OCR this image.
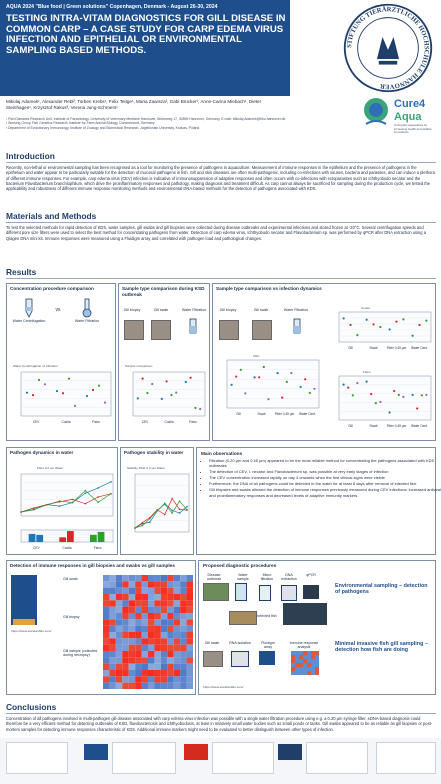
AQUA 2024 "Blue food | Green solutions" Copenhagen, Denmark - August 26-30, 2024
TESTING INTRA-VITAM DIAGNOSTICS FOR GILL DISEASE IN COMMON CARP – A CASE STUDY FOR CARP EDEMA VIRUS INFECTION AND EPITHELIAL OR ENVIRONMENTAL SAMPLING BASED METHODS.
Mikolaj Adamek¹, Alexander Rebl², Torben Krebs¹, Felix Teitge¹, Maria Zawisza³, Gabi Brücker¹, Anne-Carina Miebach¹, Dieter Steinhagen¹, Krzysztof Rakus³, Verena Jung-Schroers¹
¹ Fish Diseases Research Unit, Institute of Parasitology, University of Veterinary Medicine Hannover, Bünteweg 17, 30559 Hannover, Germany, E-mail: Mikolaj.Adamek@tiho-hannover.de
² Working Group Fish Genetics Research Institute for Farm Animal Biology, Dummerstorf, Germany
³ Department of Evolutionary Immunology, Institute of Zoology and Biomedical Research, Jagiellonian University, Krakow, Poland
STIFTUNG TIERÄRZTLICHE HOCHSCHULE HANNOVER
Cure4
Aqua
Curing EU aquaculture by increasing health and welfare innovations
Introduction
Recently, non-lethal or environmental sampling has been recognised as a tool for monitoring the presence of pathogens in aquaculture. Measurement of immune responses in the epithelium and the presence of pathogens in the epithelium and water appear to be particularly suitable for the detection of mucosal pathogens in fish. Gill and skin diseases are often multi-pathogenic, including co-infections with viruses, bacteria and parasites, and can induce a plethora of different immune responses. For example, carp edema virus (CEV) infection is indicative of immunosuppression of adaptive responses and often occurs with co-infections with ectoparasites such as Ichthyobodo necator and the bacterium Flavobacterium branchiophilum, which drive the proinflammatory responses and pathology, making diagnosis and treatment difficult. As carp cannot always be sacrificed for sampling during the production cycle, we tested the applicability and robustness of different immune response monitoring methods and environmental DNA-based methods for the detection of pathogens associated with KDS.
Materials and Methods
To test the selected methods for rapid detection of KDS, water samples, gill swabs and gill biopsies were collected during disease outbreaks and experimental infections and stored frozen at -20°C. Several centrifugation speeds and different pore size filters were used to select the best method for concentrating pathogens from water. Detection of carp edema virus, Ichthyobodo necator and Flavobacterium sp. was performed by qPCR after DNA extraction using a Qiagen DNA mini kit. Immune responses were measured using a Fluidigm array and correlated with pathogen load and pathological changes.
Results
Concentration procedure comparison
Water Centrifugation	Water Filtration
vs
Water Centrifugation vs Filtration
CEV	Costia	Flavo
Sample type comparison during KSD outbreak
Gill biopsy	Gill swab	Water Filtration
Sample comparison
CEV	Costia	Flavo
Sample type comparison vs infection dynamics
Gill biopsy	Gill swab	Water Filtration	Costia
Gill	Swab	Filter 0.45 µm Water Cent.
CEV
Gill	Swab	Filter 0.45 µm Water Cent.
Flavo
Gill	Swab	Filter 0.45 µm Water Cent.
Pathogen dynamics in water
Filter 0.2 µm Water
CEV	Costia	Flavo
Pathogen stability in water
Stability Filter 0.2 µm Water
Main observations
• Filtration (0.20 µm and 0.45 µm) appeared to be the most reliable method for concentrating the pathogens associated with KDS outbreaks
• The detection of CEV, I. necator and Flavobacterium sp. was possible at very early stages of infection
• The CEV concentration increased rapidly on day 4 onwards when the first clinical signs were visible
• Furthermore, the DNA of all pathogens could be detected in the water for at least 8 days after removal of infected fish.
• Gill biopsies and swabs allowed the detection of immune responses previously measured during CEV infections: increased antiviral and proinflammatory responses and decreased levels of adaptive immunity markers.
Detection of immune responses in gill biopsies and swabs vs gill samples
https://www.standardbio.com/
Gill swab
Gill biopsy
Gill sample (collected during necropsy)
Proposed diagnostic procedures
Disease outbreak
Water sample
Micro filtration
DNA extraction
qPCR
Infected fish
Gill swab	RNA isolation	Fluidigm array
Immune response analysis
https://www.standardbio.com/
Environmental sampling – detection of pathogens
Minimal invasive fish gill sampling – detection how fish are doing
Conclusions
Concentration of all pathogens involved in multi-pathogen gill disease associated with carp edema virus infection was possible with a single water filtration procedure using e.g. a 0.20 µm syringe filter. eDNA-based diagnosis could therefore be a very efficient method for detecting outbreaks of KSD, flavobacteriosis and ichthyobodosis, at least in relatively small water bodies such as small ponds or tanks. Gill swabs appeared to be as reliable as gill biopsies or post-mortem samples for detecting immune responses characteristic of KDS. Additional immune markers might need to be evaluated to better distinguish between other types of infection.
